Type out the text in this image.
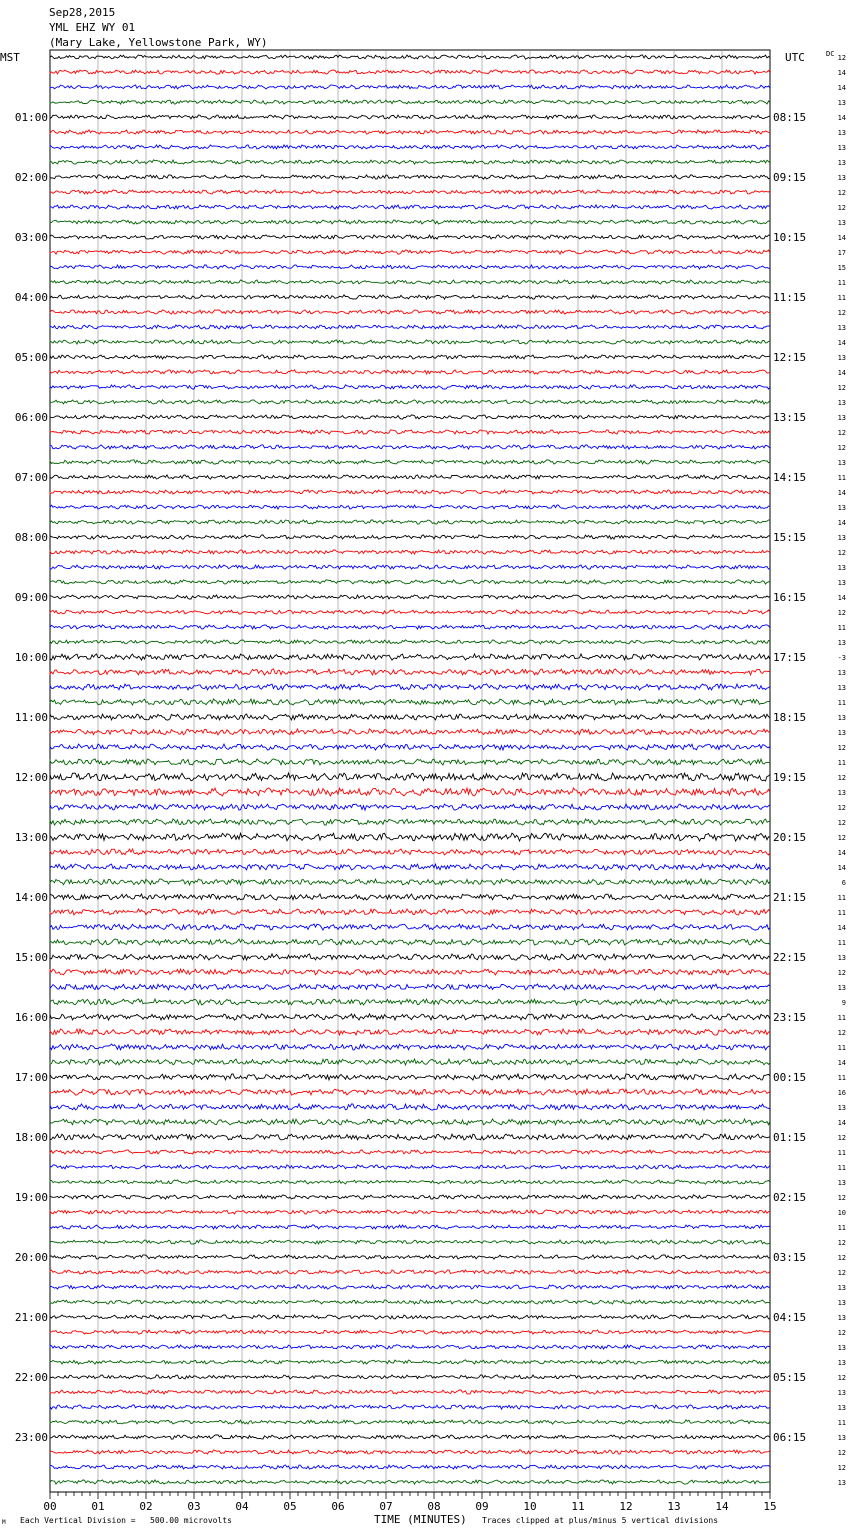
Sep28,2015
YML EHZ WY 01
(Mary Lake, Yellowstone Park, WY)
MST	UTC	DC 12
14
14
13
14
13
13
13
13
12
12
13
14
17
15
11
11
12
13
14
13
14
12
13
13
12
12
13
11
14
13
14
13
12
13
13
14
12
11
13
-3
13
13
11
13
13
12
11
12
13
12
12
12
14
14
6
11
11
14
11
13
12
13
9
11
12
11
14
11
16
13
14
12
11
11
13
12
10
11
12
12
12
13
13
13
12
13
13
12
13
13
11
13
12
12
13
01:00	08:15
02:00	09:15
03:00	10:15
04:00	11:15
05:00	12:15
06:00	13:15
07:00	14:15
08:00	15:15
09:00	16:15
10:00	17:15
11:00	18:15
12:00	19:15
13:00	20:15
14:00	21:15
15:00	22:15
16:00	23:15
17:00	00:15
18:00	01:15
19:00	02:15
20:00	03:15
21:00	04:15
22:00	05:15
23:00	06:15
00	01	02	03	04	05	06	07	08	09	10	11	12	13	14	15
M Each Vertical Division =   500.00 microvolts	TIME (MINUTES) Traces clipped at plus/minus 5 vertical divisions
